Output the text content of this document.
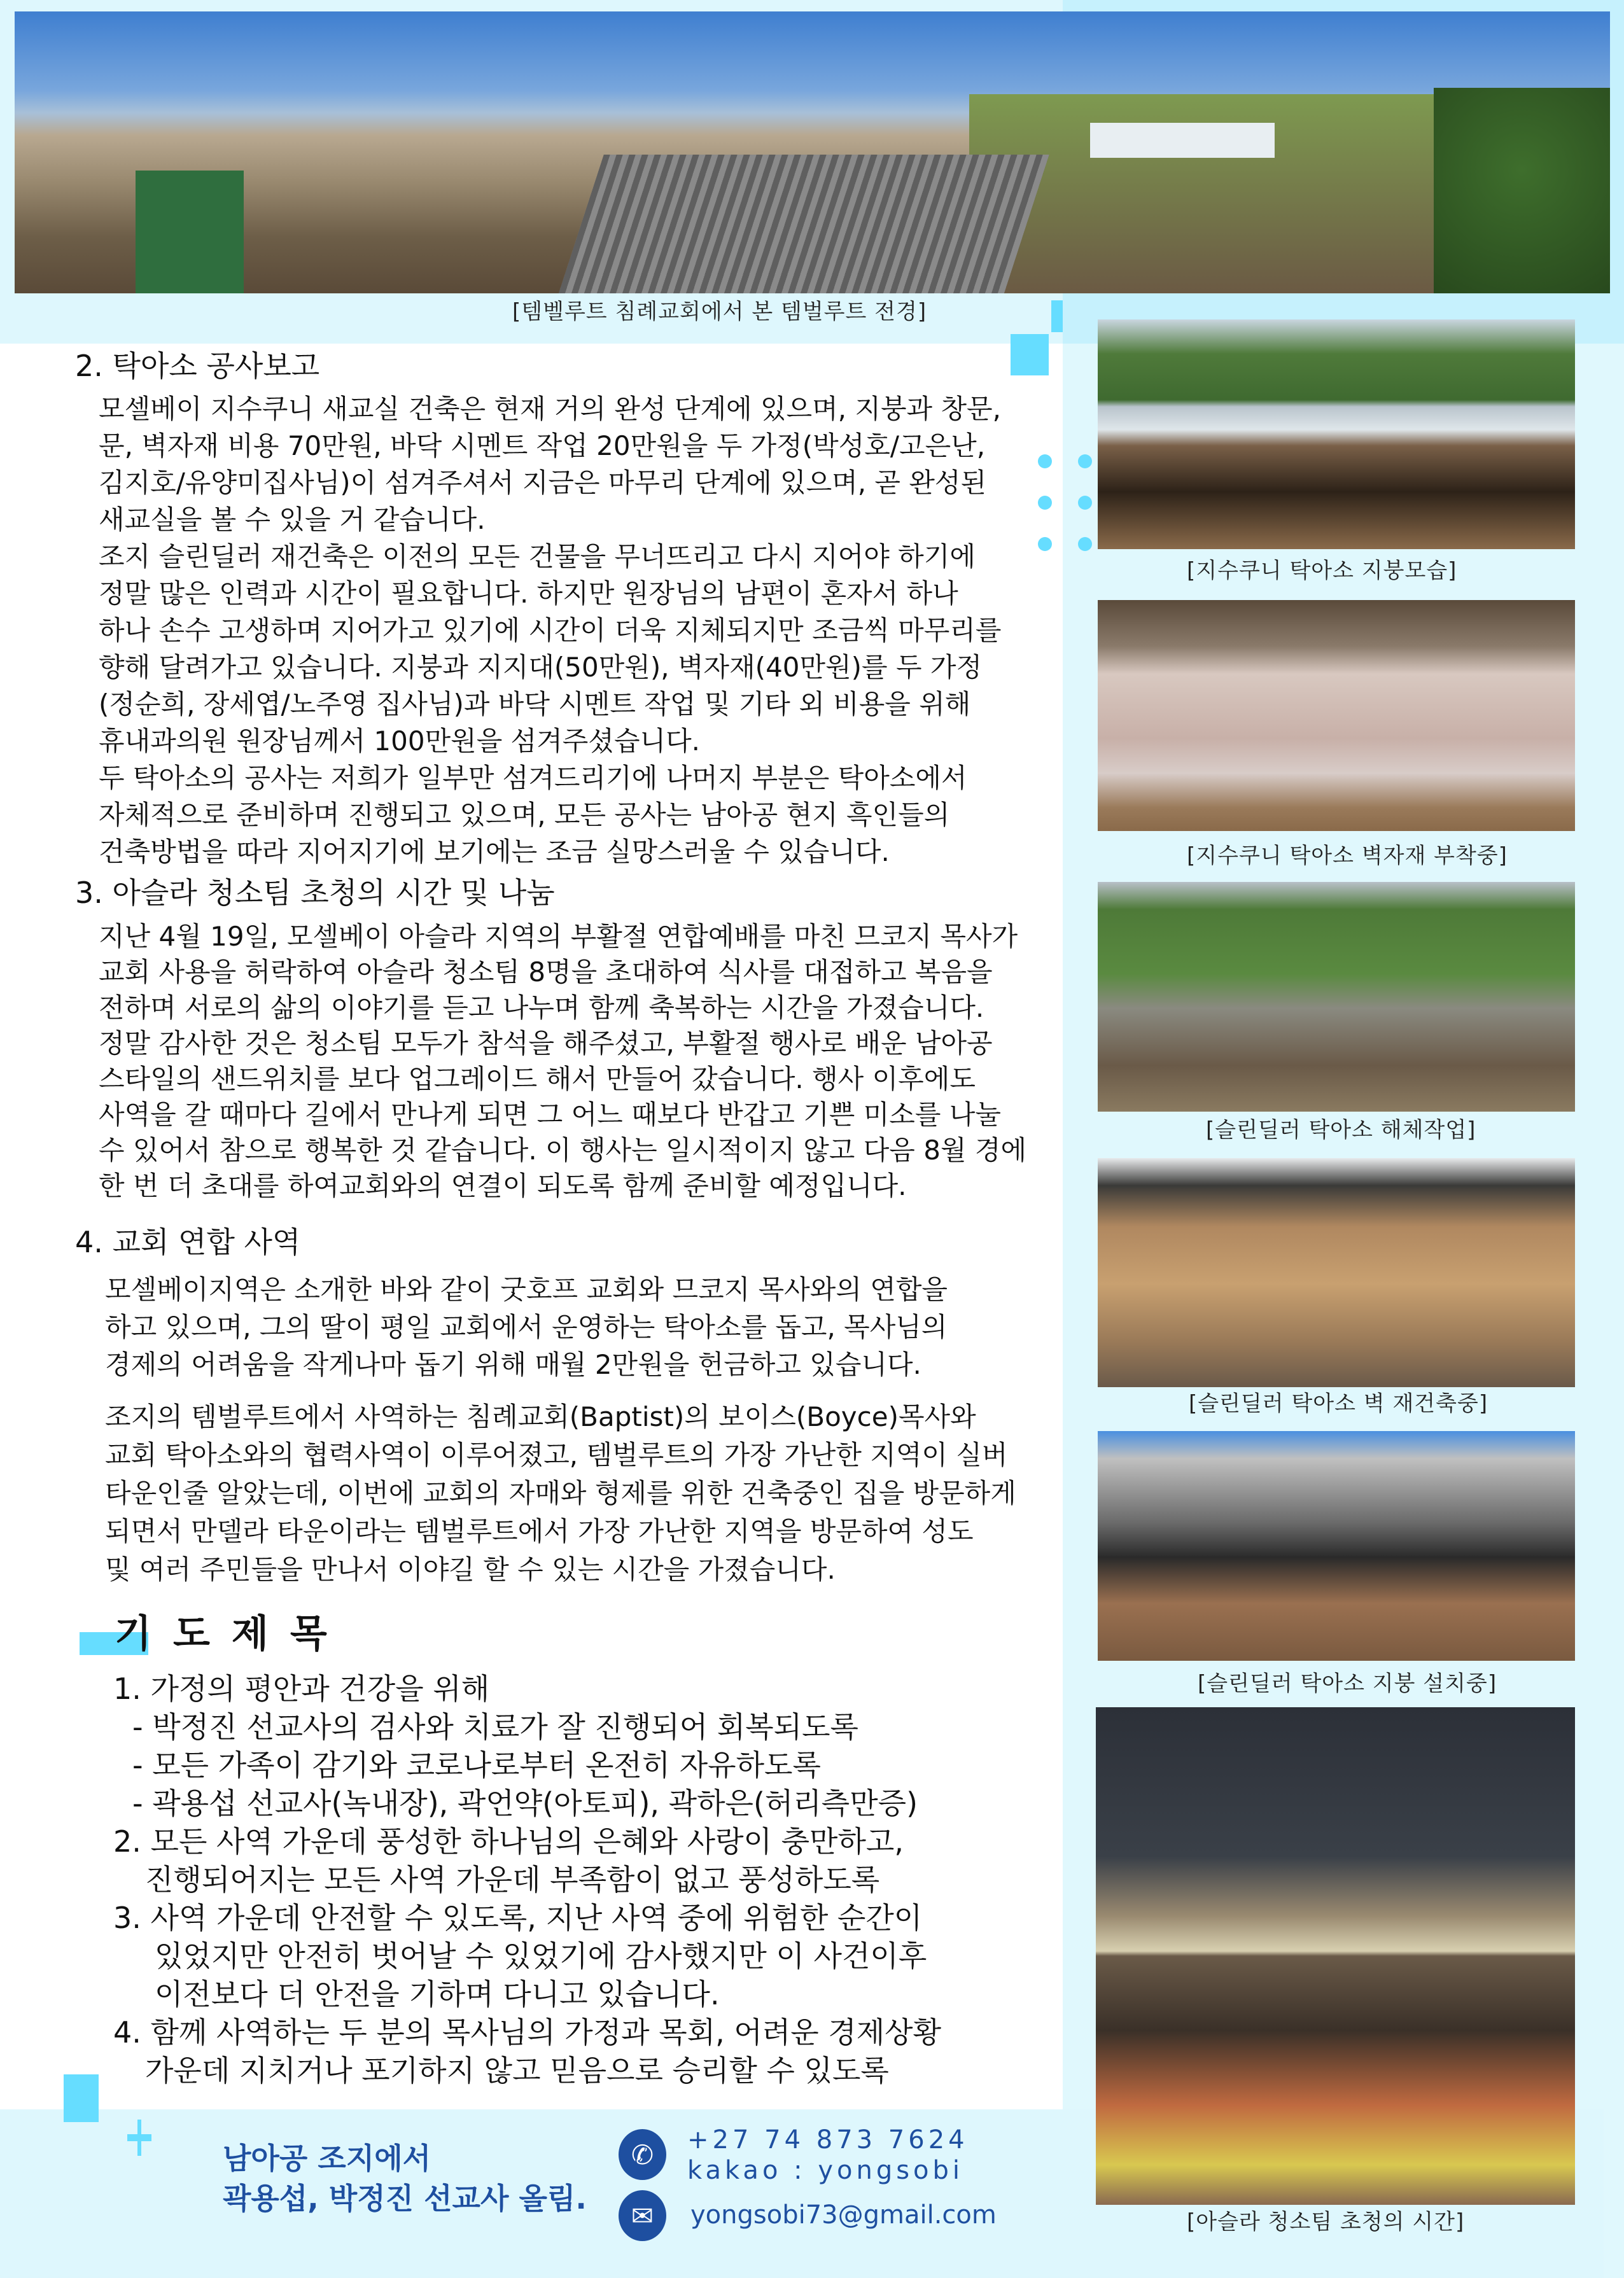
[템벨루트 침례교회에서 본 템벌루트 전경]
2. 탁아소 공사보고
모셀베이 지수쿠니 새교실 건축은 현재 거의 완성 단계에 있으며, 지붕과 창문,
문, 벽자재 비용 70만원, 바닥 시멘트 작업 20만원을 두 가정(박성호/고은난,
김지호/유양미집사님)이 섬겨주셔서 지금은 마무리 단계에 있으며, 곧 완성된
새교실을 볼 수 있을 거 같습니다.
조지 슬린딜러 재건축은 이전의 모든 건물을 무너뜨리고 다시 지어야 하기에
정말 많은 인력과 시간이 필요합니다. 하지만 원장님의 남편이 혼자서 하나
하나 손수 고생하며 지어가고 있기에 시간이 더욱 지체되지만 조금씩 마무리를
향해 달려가고 있습니다. 지붕과 지지대(50만원), 벽자재(40만원)를 두 가정
(정순희, 장세엽/노주영 집사님)과 바닥 시멘트 작업 및 기타 외 비용을 위해
휴내과의원 원장님께서 100만원을 섬겨주셨습니다.
두 탁아소의 공사는 저희가 일부만 섬겨드리기에 나머지 부분은 탁아소에서
자체적으로 준비하며 진행되고 있으며, 모든 공사는 남아공 현지 흑인들의
건축방법을 따라 지어지기에 보기에는 조금 실망스러울 수 있습니다.
3. 아슬라 청소팀 초청의 시간 및 나눔
지난 4월 19일, 모셀베이 아슬라 지역의 부활절 연합예배를 마친 므코지 목사가
교회 사용을 허락하여 아슬라 청소팀 8명을 초대하여 식사를 대접하고 복음을
전하며 서로의 삶의 이야기를 듣고 나누며 함께 축복하는 시간을 가졌습니다.
정말 감사한 것은 청소팀 모두가 참석을 해주셨고, 부활절 행사로 배운 남아공
스타일의 샌드위치를 보다 업그레이드 해서 만들어 갔습니다. 행사 이후에도
사역을 갈 때마다 길에서 만나게 되면 그 어느 때보다 반갑고 기쁜 미소를 나눌
수 있어서 참으로 행복한 것 같습니다. 이 행사는 일시적이지 않고 다음 8월 경에
한 번 더 초대를 하여교회와의 연결이 되도록 함께 준비할 예정입니다.
4. 교회 연합 사역
모셀베이지역은 소개한 바와 같이 굿호프 교회와 므코지 목사와의 연합을
하고 있으며, 그의 딸이 평일 교회에서 운영하는 탁아소를 돕고, 목사님의
경제의 어려움을 작게나마 돕기 위해 매월 2만원을 헌금하고 있습니다.
조지의 템벌루트에서 사역하는 침례교회(Baptist)의 보이스(Boyce)목사와
교회 탁아소와의 협력사역이 이루어졌고, 템벌루트의 가장 가난한 지역이 실버
타운인줄 알았는데, 이번에 교회의 자매와 형제를 위한 건축중인 집을 방문하게
되면서 만델라 타운이라는 템벌루트에서 가장 가난한 지역을 방문하여 성도
및 여러 주민들을 만나서 이야길 할 수 있는 시간을 가졌습니다.
기도제목
1. 가정의 평안과 건강을 위해
- 박정진 선교사의 검사와 치료가 잘 진행되어 회복되도록
- 모든 가족이 감기와 코로나로부터 온전히 자유하도록
- 곽용섭 선교사(녹내장), 곽언약(아토피), 곽하은(허리측만증)
2. 모든 사역 가운데 풍성한 하나님의 은혜와 사랑이 충만하고,
진행되어지는 모든 사역 가운데 부족함이 없고 풍성하도록
3. 사역 가운데 안전할 수 있도록, 지난 사역 중에 위험한 순간이
있었지만 안전히 벗어날 수 있었기에 감사했지만 이 사건이후
이전보다 더 안전을 기하며 다니고 있습니다.
4. 함께 사역하는 두 분의 목사님의 가정과 목회, 어려운 경제상황
가운데 지치거나 포기하지 않고 믿음으로 승리할 수 있도록
[지수쿠니 탁아소 지붕모습]
[지수쿠니 탁아소 벽자재 부착중]
[슬린딜러 탁아소 해체작업]
[슬린딜러 탁아소 벽 재건축중]
[슬린딜러 탁아소 지붕 설치중]
[아슬라 청소팀 초청의 시간]
남아공 조지에서
곽용섭, 박정진 선교사 올림.
✆	+27 74 873 7624
kakao : yongsobi
✉	yongsobi73@gmail.com
